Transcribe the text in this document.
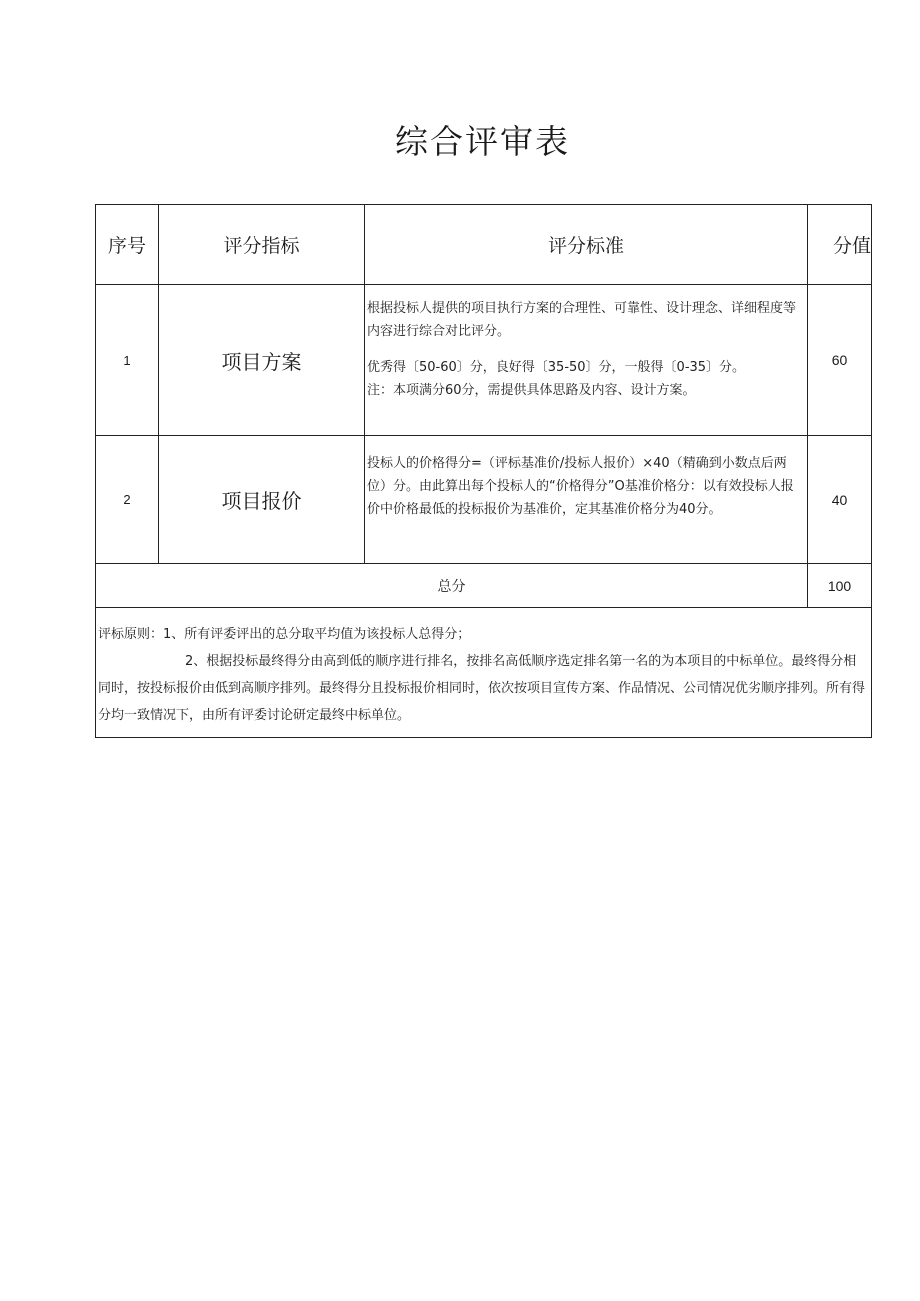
综合评审表
序号	评分指标	评分标准	分值
1	项目方案	根据投标人提供的项目执行方案的合理性、可靠性、设计理念、详细程度等内容进行综合对比评分。

优秀得〔50-60〕分，良好得〔35-50〕分，一般得〔0-35〕分。

注：本项满分60分，需提供具体思路及内容、设计方案。	60
2	项目报价	投标人的价格得分=（评标基准价/投标人报价）×40（精确到小数点后两位）分。由此算出每个投标人的“价格得分”O基准价格分：以有效投标人报价中价格最低的投标报价为基准价，定其基准价格分为40分。	40
总分			100

评标原则：1、所有评委评出的总分取平均值为该投标人总得分；

2、根据投标最终得分由高到低的顺序进行排名，按排名高低顺序选定排名第一名的为本项目的中标单位。最终得分相同时，按投标报价由低到高顺序排列。最终得分且投标报价相同时，依次按项目宣传方案、作品情况、公司情况优劣顺序排列。所有得分均一致情况下，由所有评委讨论研定最终中标单位。			
